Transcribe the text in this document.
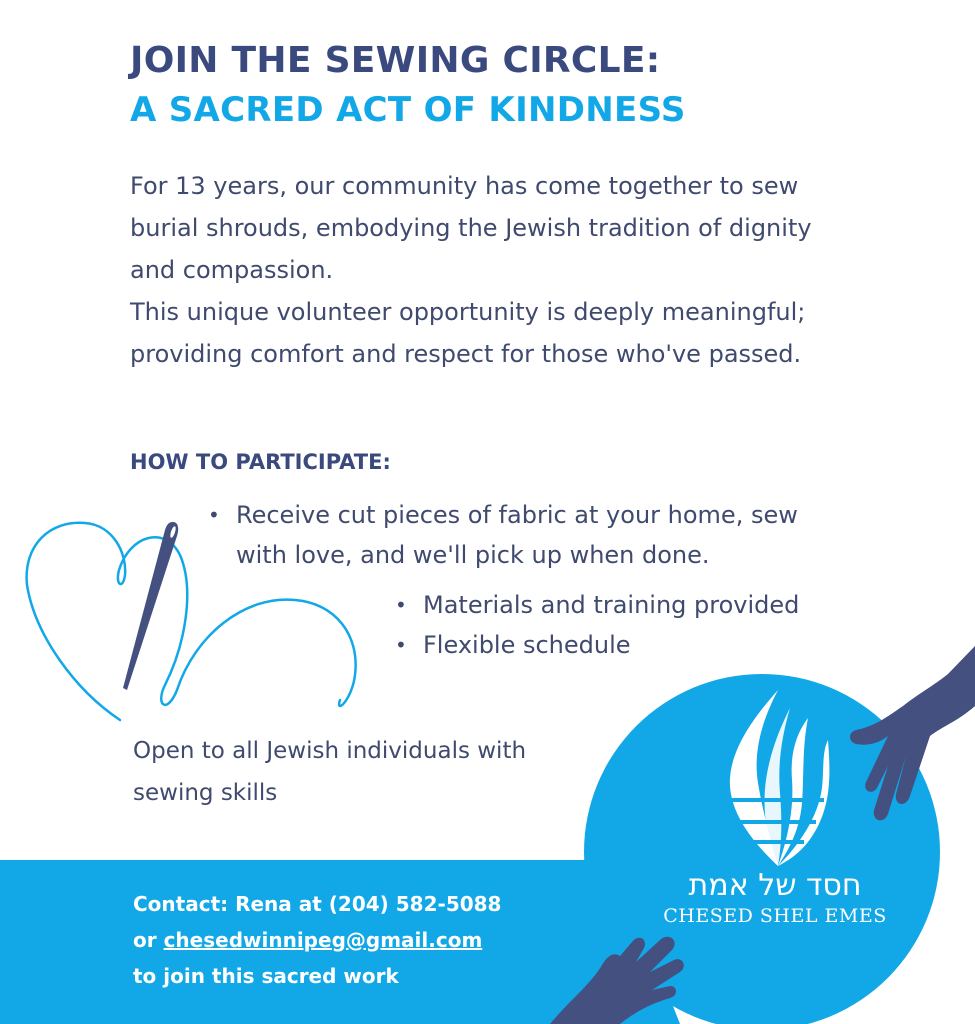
JOIN THE SEWING CIRCLE:
A SACRED ACT OF KINDNESS

For 13 years, our community has come together to sew burial shrouds, embodying the Jewish tradition of dignity and compassion.

This unique volunteer opportunity is deeply meaningful; providing comfort and respect for those who've passed.

HOW TO PARTICIPATE:
• Receive cut pieces of fabric at your home, sew with love, and we'll pick up when done.
• Materials and training provided
• Flexible schedule

Open to all Jewish individuals with sewing skills

Contact: Rena at (204) 582-5088
or chesedwinnipeg@gmail.com
to join this sacred work
חסד של אמת
CHESED SHEL EMES
